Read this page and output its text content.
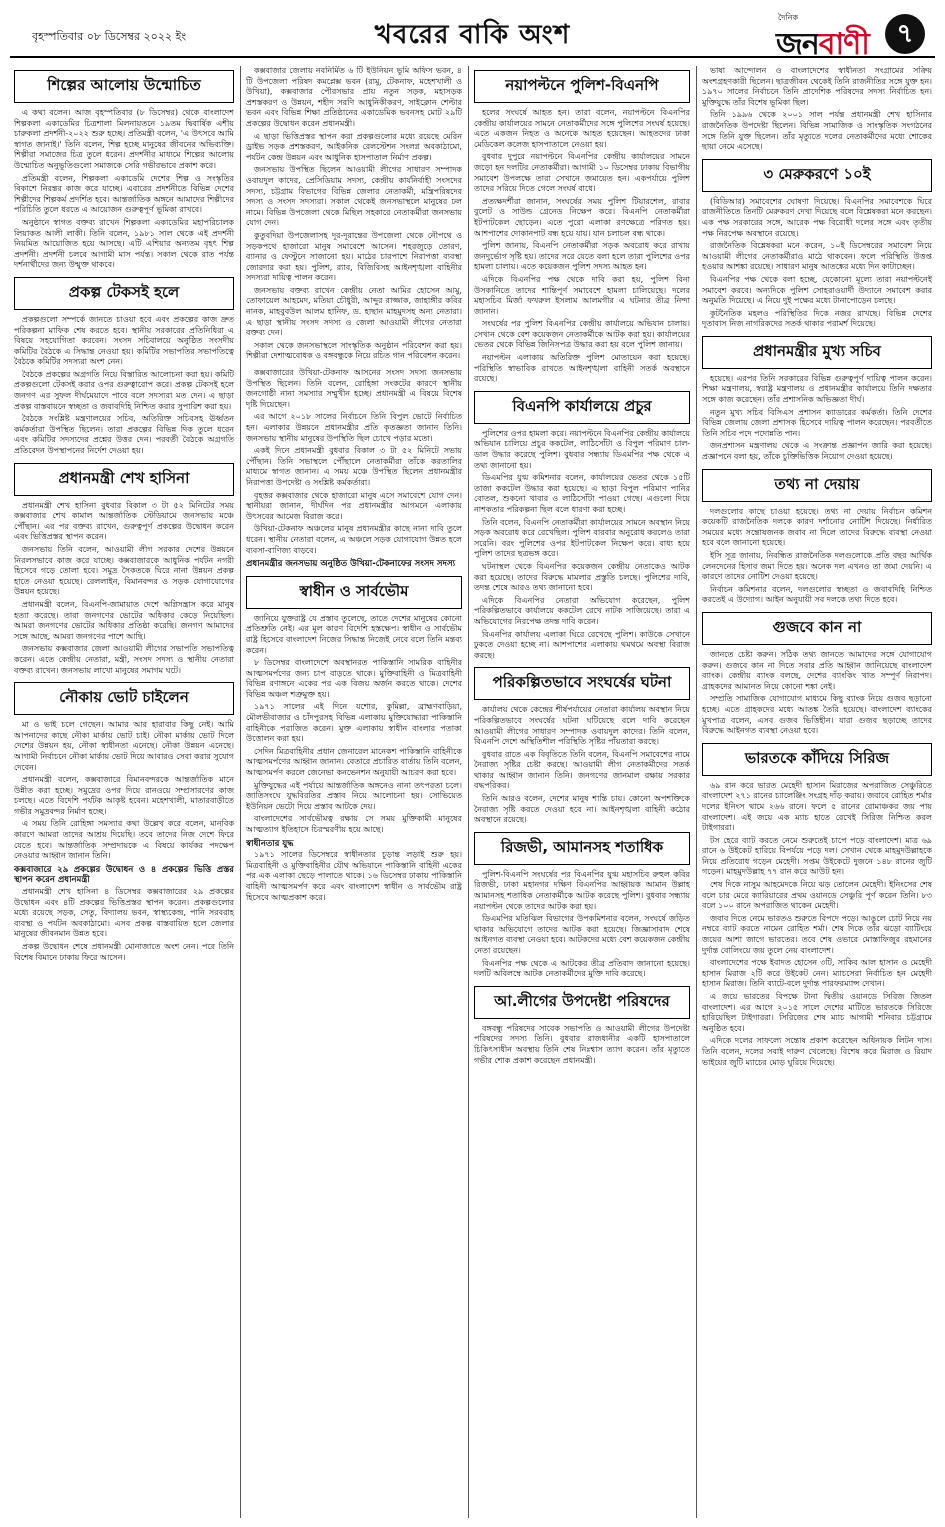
বৃহস্পতিবার ০৮ ডিসেম্বর ২০২২ ইং	খবরের বাকি অংশ
দৈনিক
জনবাণী	৭
শিল্পের আলোয় উন্মোচিত

এ কথা বলেন। আজ বৃহস্পতিবার (৮ ডিসেম্বর) থেকে বাংলাদেশ শিল্পকলা একাডেমির চিত্রশালা মিলনায়তনে ১৯তম দ্বিবার্ষিক এশীয় চারুকলা প্রদর্শনী-২০২২ শুরু হচ্ছে। প্রতিমন্ত্রী বলেন, 'এ উৎসবে আমি স্বাগত জানাই।' তিনি বলেন, শিল্প হচ্ছে মানুষের জীবনের অভিব্যক্তি। শিল্পীরা সমাজের চিত্র তুলে ধরেন। প্রদর্শনীর মাধ্যমে শিল্পের আলোয় উন্মোচিত অনুভূতিগুলো সমাজকে সেরি গভীরভাবে প্রকাশ করে।

প্রতিমন্ত্রী বলেন, শিল্পকলা একাডেমি দেশের শিল্প ও সংস্কৃতির বিকাশে নিরন্তর কাজ করে যাচ্ছে। এবারের প্রদর্শনীতে বিভিন্ন দেশের শিল্পীদের শিল্পকর্ম প্রদর্শিত হবে। আন্তর্জাতিক অঙ্গনে আমাদের শিল্পীদের পরিচিতি তুলে ধরতে এ আয়োজন গুরুত্বপূর্ণ ভূমিকা রাখবে।

অনুষ্ঠানে স্বাগত বক্তব্য রাখেন শিল্পকলা একাডেমির মহাপরিচালক লিয়াকত আলী লাকী। তিনি বলেন, ১৯৮১ সাল থেকে এই প্রদর্শনী নিয়মিত আয়োজিত হয়ে আসছে। এটি এশিয়ার অন্যতম বৃহৎ শিল্প প্রদর্শনী। প্রদর্শনী চলবে আগামী মাস পর্যন্ত। সকাল থেকে রাত পর্যন্ত দর্শনার্থীদের জন্য উন্মুক্ত থাকবে।

প্রকল্প টেকসই হলে

প্রকল্পগুলো সম্পর্কে জানতে চাওয়া হবে এবং প্রকল্পের কাজ দ্রুত পরিকল্পনা মাফিক শেষ করতে হবে। স্থানীয় সরকারের প্রতিনিধিরা এ বিষয়ে সহযোগিতা করবেন। সংসদ সচিবালয়ে অনুষ্ঠিত সংসদীয় কমিটির বৈঠকে এ সিদ্ধান্ত নেওয়া হয়। কমিটির সভাপতির সভাপতিত্বে বৈঠকে কমিটির সদস্যরা অংশ নেন।

বৈঠকে প্রকল্পের অগ্রগতি নিয়ে বিস্তারিত আলোচনা করা হয়। কমিটি প্রকল্পগুলো টেকসই করার ওপর গুরুত্বারোপ করে। প্রকল্প টেকসই হলে জনগণ এর সুফল দীর্ঘমেয়াদে পাবে বলে সদস্যরা মত দেন। এ ছাড়া প্রকল্প বাস্তবায়নে স্বচ্ছতা ও জবাবদিহি নিশ্চিত করার সুপারিশ করা হয়।

বৈঠকে সংশ্লিষ্ট মন্ত্রণালয়ের সচিব, অতিরিক্ত সচিবসহ ঊর্ধ্বতন কর্মকর্তারা উপস্থিত ছিলেন। তারা প্রকল্পের বিভিন্ন দিক তুলে ধরেন এবং কমিটির সদস্যদের প্রশ্নের উত্তর দেন। পরবর্তী বৈঠকে অগ্রগতি প্রতিবেদন উপস্থাপনের নির্দেশ দেওয়া হয়।

প্রধানমন্ত্রী শেখ হাসিনা

প্রধানমন্ত্রী শেখ হাসিনা বুধবার বিকাল ৩ টা ৫২ মিনিটের সময় কক্সবাজার শেখ কামাল আন্তর্জাতিক স্টেডিয়ামে জনসভায় মঞ্চে পৌঁছান। এর পর বক্তব্য রাখেন, গুরুত্বপূর্ণ প্রকল্পের উদ্বোধন করেন এবং ভিত্তিপ্রস্তর স্থাপন করেন।

জনসভায় তিনি বলেন, আওয়ামী লীগ সরকার দেশের উন্নয়নে নিরলসভাবে কাজ করে যাচ্ছে। কক্সবাজারকে আধুনিক পর্যটন নগরী হিসেবে গড়ে তোলা হবে। সমুদ্র সৈকতকে ঘিরে নানা উন্নয়ন প্রকল্প হাতে নেওয়া হয়েছে। রেললাইন, বিমানবন্দর ও সড়ক যোগাযোগের উন্নয়ন হয়েছে।

প্রধানমন্ত্রী বলেন, বিএনপি-জামায়াত দেশে অগ্নিসন্ত্রাস করে মানুষ হত্যা করেছে। তারা জনগণের ভোটের অধিকার কেড়ে নিয়েছিল। আমরা জনগণের ভোটের অধিকার প্রতিষ্ঠা করেছি। জনগণ আমাদের সঙ্গে আছে, আমরা জনগণের পাশে আছি।

জনসভায় কক্সবাজার জেলা আওয়ামী লীগের সভাপতি সভাপতিত্ব করেন। এতে কেন্দ্রীয় নেতারা, মন্ত্রী, সংসদ সদস্য ও স্থানীয় নেতারা বক্তব্য রাখেন। জনসভায় লাখো মানুষের সমাগম ঘটে।

নৌকায় ভোট চাইলেন

মা ও ভাই চলে গেছেন। আমার আর হারাবার কিছু নেই। আমি আপনাদের কাছে নৌকা মার্কায় ভোট চাই। নৌকা মার্কায় ভোট দিলে দেশের উন্নয়ন হয়, নৌকা স্বাধীনতা এনেছে। নৌকা উন্নয়ন এনেছে। আগামী নির্বাচনে নৌকা মার্কায় ভোট দিয়ে আবারও সেবা করার সুযোগ দেবেন।

প্রধানমন্ত্রী বলেন, কক্সবাজারে বিমানবন্দরকে আন্তর্জাতিক মানে উন্নীত করা হচ্ছে। সমুদ্রের ওপর দিয়ে রানওয়ে সম্প্রসারণের কাজ চলছে। এতে বিদেশি পর্যটক আকৃষ্ট হবেন। মহেশখালী, মাতারবাড়ীতে গভীর সমুদ্রবন্দর নির্মাণ হচ্ছে।

এ সময় তিনি রোহিঙ্গা সমস্যার কথা উল্লেখ করে বলেন, মানবিক কারণে আমরা তাদের আশ্রয় দিয়েছি। তবে তাদের নিজ দেশে ফিরে যেতে হবে। আন্তর্জাতিক সম্প্রদায়কে এ বিষয়ে কার্যকর পদক্ষেপ নেওয়ার আহ্বান জানান তিনি।

কক্সবাজারে ২৯ প্রকল্পের উদ্বোধন ও ৪ প্রকল্পের ভিত্তি প্রস্তর স্থাপন করেন প্রধানমন্ত্রী

প্রধানমন্ত্রী শেখ হাসিনা ৪ ডিসেম্বর কক্সবাজারের ২৯ প্রকল্পের উদ্বোধন এবং ৪টি প্রকল্পের ভিত্তিপ্রস্তর স্থাপন করেন। প্রকল্পগুলোর মধ্যে রয়েছে সড়ক, সেতু, বিদ্যালয় ভবন, স্বাস্থ্যকেন্দ্র, পানি সরবরাহ ব্যবস্থা ও পর্যটন অবকাঠামো। এসব প্রকল্প বাস্তবায়িত হলে জেলার মানুষের জীবনমান উন্নত হবে।

প্রকল্প উদ্বোধন শেষে প্রধানমন্ত্রী মোনাজাতে অংশ নেন। পরে তিনি বিশেষ বিমানে ঢাকায় ফিরে আসেন।

কক্সবাজার জেলায় নবনির্মিত ৬ টি ইউনিয়ন ভূমি অফিস ভবন, ৪ টি উপজেলা পরিষদ কমপ্লেক্স ভবন (রামু, টেকনাফ, মহেশখালী ও উখিয়া), কক্সবাজার পৌরসভার প্রায় নতুন সড়ক, মহাসড়ক প্রশস্তকরণ ও উন্নয়ন, শহীদ সরণি আধুনিকীকরণ, সাইক্লোন শেল্টার ভবন এবং বিভিন্ন শিক্ষা প্রতিষ্ঠানের একাডেমিক ভবনসহ মোট ২৯টি প্রকল্পের উদ্বোধন করেন প্রধানমন্ত্রী।

এ ছাড়া ভিত্তিপ্রস্তর স্থাপন করা প্রকল্পগুলোর মধ্যে রয়েছে মেরিন ড্রাইভ সড়ক প্রশস্তকরণ, আইকনিক রেলস্টেশন সংলগ্ন অবকাঠামো, পর্যটন কেন্দ্র উন্নয়ন এবং আধুনিক হাসপাতাল নির্মাণ প্রকল্প।

জনসভায় উপস্থিত ছিলেন আওয়ামী লীগের সাধারণ সম্পাদক ওবায়দুল কাদের, প্রেসিডিয়াম সদস্য, কেন্দ্রীয় কার্যনির্বাহী সংসদের সদস্য, চট্টগ্রাম বিভাগের বিভিন্ন জেলার নেতাকর্মী, মন্ত্রিপরিষদের সদস্য ও সংসদ সদস্যরা। সকাল থেকেই জনসভাস্থলে মানুষের ঢল নামে। বিভিন্ন উপজেলা থেকে মিছিল সহকারে নেতাকর্মীরা জনসভায় যোগ দেন।

কুতুবদিয়া উপজেলাসহ দূর-দূরান্তের উপজেলা থেকে নৌপথে ও সড়কপথে হাজারো মানুষ সমাবেশে আসেন। শহরজুড়ে তোরণ, ব্যানার ও ফেস্টুনে সাজানো হয়। মাঠের চারপাশে নিরাপত্তা ব্যবস্থা জোরদার করা হয়। পুলিশ, র‌্যাব, বিজিবিসহ আইনশৃঙ্খলা বাহিনীর সদস্যরা দায়িত্ব পালন করেন।

জনসভায় বক্তব্য রাখেন কেন্দ্রীয় নেতা আমির হোসেন আমু, তোফায়েল আহমেদ, মতিয়া চৌধুরী, আব্দুর রাজ্জাক, জাহাঙ্গীর কবির নানক, মাহবুবউল আলম হানিফ, ড. হাছান মাহমুদসহ অন্য নেতারা। এ ছাড়া স্থানীয় সংসদ সদস্য ও জেলা আওয়ামী লীগের নেতারা বক্তব্য দেন।

সকাল থেকে জনসভাস্থলে সাংস্কৃতিক অনুষ্ঠান পরিবেশন করা হয়। শিল্পীরা দেশাত্মবোধক ও বঙ্গবন্ধুকে নিয়ে রচিত গান পরিবেশন করেন।

কক্সবাজারের উখিয়া-টেকনাফ আসনের সংসদ সদস্য জনসভায় উপস্থিত ছিলেন। তিনি বলেন, রোহিঙ্গা সংকটের কারণে স্থানীয় জনগোষ্ঠী নানা সমস্যার সম্মুখীন হচ্ছে। প্রধানমন্ত্রী এ বিষয়ে বিশেষ দৃষ্টি দিয়েছেন।

এর আগে ২০১৮ সালের নির্বাচনে তিনি বিপুল ভোটে নির্বাচিত হন। এলাকার উন্নয়নে প্রধানমন্ত্রীর প্রতি কৃতজ্ঞতা জানান তিনি। জনসভায় স্থানীয় মানুষের উপস্থিতি ছিল চোখে পড়ার মতো।

একই দিনে প্রধানমন্ত্রী বুধবার বিকাল ৩ টা ৫২ মিনিটে সভায় পৌঁছান। তিনি সভাস্থলে পৌঁছালে নেতাকর্মীরা তাঁকে করতালির মাধ্যমে স্বাগত জানান। এ সময় মঞ্চে উপস্থিত ছিলেন প্রধানমন্ত্রীর নিরাপত্তা উপদেষ্টা ও সংশ্লিষ্ট কর্মকর্তারা।

বৃহত্তর কক্সবাজার থেকে হাজারো মানুষ এসে সমাবেশে যোগ দেন। স্থানীয়রা জানান, দীর্ঘদিন পর প্রধানমন্ত্রীর আগমনে এলাকায় উৎসবের আমেজ বিরাজ করে।

উখিয়া-টেকনাফ অঞ্চলের মানুষ প্রধানমন্ত্রীর কাছে নানা দাবি তুলে ধরেন। স্থানীয় নেতারা বলেন, এ অঞ্চলে সড়ক যোগাযোগ উন্নত হলে ব্যবসা-বাণিজ্য বাড়বে।

প্রধানমন্ত্রীর জনসভায় অনুষ্ঠিত উখিয়া-টেকনাফের সংসদ সদস্য
স্বাধীন ও সার্বভৌম

জানিয়ে যুক্তরাষ্ট্র যে প্রস্তাব তুলেছে, তাতে দেশের মানুষের কোনো প্রতিশ্রুতি নেই। এর মূল কারণ বিদেশি হস্তক্ষেপ। স্বাধীন ও সার্বভৌম রাষ্ট্র হিসেবে বাংলাদেশ নিজের সিদ্ধান্ত নিজেই নেবে বলে তিনি মন্তব্য করেন।

৮ ডিসেম্বর বাংলাদেশে অবস্থানরত পাকিস্তানি সামরিক বাহিনীর আত্মসমর্পণের জন্য চাপ বাড়তে থাকে। মুক্তিবাহিনী ও মিত্রবাহিনী বিভিন্ন রণাঙ্গনে একের পর এক বিজয় অর্জন করতে থাকে। দেশের বিভিন্ন অঞ্চল শত্রুমুক্ত হয়।

১৯৭১ সালের এই দিনে যশোর, কুমিল্লা, ব্রাহ্মণবাড়িয়া, মৌলভীবাজার ও চাঁদপুরসহ বিভিন্ন এলাকায় মুক্তিযোদ্ধারা পাকিস্তানি বাহিনীকে পরাজিত করেন। মুক্ত এলাকায় স্বাধীন বাংলার পতাকা উত্তোলন করা হয়।

সেদিন মিত্রবাহিনীর প্রধান জেনারেল মানেকশ পাকিস্তানি বাহিনীকে আত্মসমর্পণের আহ্বান জানান। বেতারে প্রচারিত বার্তায় তিনি বলেন, আত্মসমর্পণ করলে জেনেভা কনভেনশন অনুযায়ী আচরণ করা হবে।

মুক্তিযুদ্ধের এই পর্যায়ে আন্তর্জাতিক অঙ্গনেও নানা তৎপরতা চলে। জাতিসংঘে যুদ্ধবিরতির প্রস্তাব নিয়ে আলোচনা হয়। সোভিয়েত ইউনিয়ন ভেটো দিয়ে প্রস্তাব আটকে দেয়।

বাংলাদেশের সার্বভৌমত্ব রক্ষায় সে সময় মুক্তিকামী মানুষের আত্মত্যাগ ইতিহাসে চিরস্মরণীয় হয়ে আছে।

স্বাধীনতার যুদ্ধ

১৯৭১ সালের ডিসেম্বরে স্বাধীনতার চূড়ান্ত লড়াই শুরু হয়। মিত্রবাহিনী ও মুক্তিবাহিনীর যৌথ অভিযানে পাকিস্তানি বাহিনী একের পর এক এলাকা ছেড়ে পালাতে থাকে। ১৬ ডিসেম্বর ঢাকায় পাকিস্তানি বাহিনী আত্মসমর্পণ করে এবং বাংলাদেশ স্বাধীন ও সার্বভৌম রাষ্ট্র হিসেবে আত্মপ্রকাশ করে।

নয়াপল্টনে পুলিশ-বিএনপি

হলের সংঘর্ষে আহত হন। তারা বলেন, নয়াপল্টনে বিএনপির কেন্দ্রীয় কার্যালয়ের সামনে নেতাকর্মীদের সঙ্গে পুলিশের সংঘর্ষ হয়েছে। এতে একজন নিহত ও অনেকে আহত হয়েছেন। আহতদের ঢাকা মেডিকেল কলেজ হাসপাতালে নেওয়া হয়।

বুধবার দুপুরে নয়াপল্টনে বিএনপির কেন্দ্রীয় কার্যালয়ের সামনে জড়ো হন দলটির নেতাকর্মীরা। আগামী ১০ ডিসেম্বর ঢাকায় বিভাগীয় সমাবেশ উপলক্ষে তারা সেখানে জমায়েত হন। একপর্যায়ে পুলিশ তাদের সরিয়ে দিতে গেলে সংঘর্ষ বাধে।

প্রত্যক্ষদর্শীরা জানান, সংঘর্ষের সময় পুলিশ টিয়ারশেল, রাবার বুলেট ও সাউন্ড গ্রেনেড নিক্ষেপ করে। বিএনপি নেতাকর্মীরা ইটপাটকেল ছোড়েন। এতে পুরো এলাকা রণক্ষেত্রে পরিণত হয়। আশপাশের দোকানপাট বন্ধ হয়ে যায়। যান চলাচল বন্ধ থাকে।

পুলিশ জানায়, বিএনপি নেতাকর্মীরা সড়ক অবরোধ করে রাখায় জনদুর্ভোগ সৃষ্টি হয়। তাদের সরে যেতে বলা হলে তারা পুলিশের ওপর হামলা চালায়। এতে কয়েকজন পুলিশ সদস্য আহত হন।

এদিকে বিএনপির পক্ষ থেকে দাবি করা হয়, পুলিশ বিনা উসকানিতে তাদের শান্তিপূর্ণ সমাবেশে হামলা চালিয়েছে। দলের মহাসচিব মির্জা ফখরুল ইসলাম আলমগীর এ ঘটনার তীব্র নিন্দা জানান।

সংঘর্ষের পর পুলিশ বিএনপির কেন্দ্রীয় কার্যালয়ে অভিযান চালায়। সেখান থেকে বেশ কয়েকজন নেতাকর্মীকে আটক করা হয়। কার্যালয়ের ভেতর থেকে বিভিন্ন জিনিসপত্র উদ্ধার করা হয় বলে পুলিশ জানায়।

নয়াপল্টন এলাকায় অতিরিক্ত পুলিশ মোতায়েন করা হয়েছে। পরিস্থিতি স্বাভাবিক রাখতে আইনশৃঙ্খলা বাহিনী সতর্ক অবস্থানে রয়েছে।

বিএনপি কার্যালয়ে প্রচুর

পুলিশের ওপর হামলা করে। নয়াপল্টনে বিএনপির কেন্দ্রীয় কার্যালয়ে অভিযান চালিয়ে প্রচুর ককটেল, লাঠিসোঁটা ও বিপুল পরিমাণ চাল-ডাল উদ্ধার করেছে পুলিশ। বুধবার সন্ধ্যায় ডিএমপির পক্ষ থেকে এ তথ্য জানানো হয়।

ডিএমপির যুগ্ম কমিশনার বলেন, কার্যালয়ের ভেতর থেকে ১৫টি তাজা ককটেল উদ্ধার করা হয়েছে। এ ছাড়া বিপুল পরিমাণ পানির বোতল, শুকনো খাবার ও লাঠিসোঁটা পাওয়া গেছে। এগুলো দিয়ে নাশকতার পরিকল্পনা ছিল বলে ধারণা করা হচ্ছে।

তিনি বলেন, বিএনপি নেতাকর্মীরা কার্যালয়ের সামনে অবস্থান নিয়ে সড়ক অবরোধ করে রেখেছিল। পুলিশ বারবার অনুরোধ করলেও তারা সরেনি। বরং পুলিশের ওপর ইটপাটকেল নিক্ষেপ করে। বাধ্য হয়ে পুলিশ তাদের ছত্রভঙ্গ করে।

ঘটনাস্থল থেকে বিএনপির কয়েকজন কেন্দ্রীয় নেতাকেও আটক করা হয়েছে। তাদের বিরুদ্ধে মামলার প্রস্তুতি চলছে। পুলিশের দাবি, তদন্ত শেষে আরও তথ্য জানানো হবে।

এদিকে বিএনপির নেতারা অভিযোগ করেছেন, পুলিশ পরিকল্পিতভাবে কার্যালয়ে ককটেল রেখে নাটক সাজিয়েছে। তারা এ অভিযোগের নিরপেক্ষ তদন্ত দাবি করেন।

বিএনপির কার্যালয় এলাকা ঘিরে রেখেছে পুলিশ। কাউকে সেখানে ঢুকতে দেওয়া হচ্ছে না। আশপাশের এলাকায় থমথমে অবস্থা বিরাজ করছে।

পরিকল্পিতভাবে সংঘর্ষের ঘটনা

কার্যালয় থেকে কেন্দ্রের শীর্ষপর্যায়ের নেতারা কার্যালয় অবস্থান নিয়ে পরিকল্পিতভাবে সংঘর্ষের ঘটনা ঘটিয়েছে বলে দাবি করেছেন আওয়ামী লীগের সাধারণ সম্পাদক ওবায়দুল কাদের। তিনি বলেন, বিএনপি দেশে অস্থিতিশীল পরিস্থিতি সৃষ্টির পাঁয়তারা করছে।

বুধবার রাতে এক বিবৃতিতে তিনি বলেন, বিএনপি সমাবেশের নামে নৈরাজ্য সৃষ্টির চেষ্টা করছে। আওয়ামী লীগ নেতাকর্মীদের সতর্ক থাকার আহ্বান জানান তিনি। জনগণের জানমাল রক্ষায় সরকার বদ্ধপরিকর।

তিনি আরও বলেন, দেশের মানুষ শান্তি চায়। কোনো অপশক্তিকে নৈরাজ্য সৃষ্টি করতে দেওয়া হবে না। আইনশৃঙ্খলা বাহিনী কঠোর অবস্থানে রয়েছে।

রিজভী, আমানসহ শতাধিক

পুলিশ-বিএনপি সংঘর্ষের পর বিএনপির যুগ্ম মহাসচিব রুহুল কবির রিজভী, ঢাকা মহানগর দক্ষিণ বিএনপির আহ্বায়ক আমান উল্লাহ আমানসহ শতাধিক নেতাকর্মীকে আটক করেছে পুলিশ। বুধবার সন্ধ্যায় নয়াপল্টন থেকে তাদের আটক করা হয়।

ডিএমপির মতিঝিল বিভাগের উপকমিশনার বলেন, সংঘর্ষে জড়িত থাকার অভিযোগে তাদের আটক করা হয়েছে। জিজ্ঞাসাবাদ শেষে আইনগত ব্যবস্থা নেওয়া হবে। আটকদের মধ্যে বেশ কয়েকজন কেন্দ্রীয় নেতা রয়েছেন।

বিএনপির পক্ষ থেকে এ আটকের তীব্র প্রতিবাদ জানানো হয়েছে। দলটি অবিলম্বে আটক নেতাকর্মীদের মুক্তি দাবি করেছে।

আ.লীগের উপদেষ্টা পরিষদের

বঙ্গবন্ধু পরিষদের সাবেক সভাপতি ও আওয়ামী লীগের উপদেষ্টা পরিষদের সদস্য তিনি। বুধবার রাজধানীর একটি হাসপাতালে চিকিৎসাধীন অবস্থায় তিনি শেষ নিঃশ্বাস ত্যাগ করেন। তাঁর মৃত্যুতে গভীর শোক প্রকাশ করেছেন প্রধানমন্ত্রী।

ভাষা আন্দোলন ও বাংলাদেশের স্বাধীনতা সংগ্রামের সক্রিয় অংশগ্রহণকারী ছিলেন। ছাত্রজীবন থেকেই তিনি রাজনীতির সঙ্গে যুক্ত হন। ১৯৭০ সালের নির্বাচনে তিনি প্রাদেশিক পরিষদের সদস্য নির্বাচিত হন। মুক্তিযুদ্ধে তাঁর বিশেষ ভূমিকা ছিল।

তিনি ১৯৯৬ থেকে ২০০১ সাল পর্যন্ত প্রধানমন্ত্রী শেখ হাসিনার রাজনৈতিক উপদেষ্টা ছিলেন। বিভিন্ন সামাজিক ও সাংস্কৃতিক সংগঠনের সঙ্গে তিনি যুক্ত ছিলেন। তাঁর মৃত্যুতে দলের নেতাকর্মীদের মধ্যে শোকের ছায়া নেমে এসেছে।

৩ মেরুকরণে ১০ই

(বিডিআর) সমাবেশের ঘোষণা দিয়েছে। বিএনপির সমাবেশকে ঘিরে রাজনীতিতে তিনটি মেরুকরণ দেখা দিয়েছে বলে বিশ্লেষকরা মনে করছেন। এক পক্ষ সরকারের সঙ্গে, আরেক পক্ষ বিরোধী দলের সঙ্গে এবং তৃতীয় পক্ষ নিরপেক্ষ অবস্থানে রয়েছে।

রাজনৈতিক বিশ্লেষকরা মনে করেন, ১০ই ডিসেম্বরের সমাবেশ নিয়ে আওয়ামী লীগের নেতাকর্মীরাও মাঠে থাকবেন। ফলে পরিস্থিতি উত্তপ্ত হওয়ার আশঙ্কা রয়েছে। সাধারণ মানুষ আতঙ্কের মধ্যে দিন কাটাচ্ছেন।

বিএনপির পক্ষ থেকে বলা হচ্ছে, যেকোনো মূল্যে তারা নয়াপল্টনেই সমাবেশ করবে। অন্যদিকে পুলিশ সোহরাওয়ার্দী উদ্যানে সমাবেশ করার অনুমতি দিয়েছে। এ নিয়ে দুই পক্ষের মধ্যে টানাপোড়েন চলছে।

কূটনৈতিক মহলও পরিস্থিতির দিকে নজর রাখছে। বিভিন্ন দেশের দূতাবাস নিজ নাগরিকদের সতর্ক থাকার পরামর্শ দিয়েছে।

প্রধানমন্ত্রীর মুখ্য সচিব

হয়েছে। এরপর তিনি সরকারের বিভিন্ন গুরুত্বপূর্ণ দায়িত্ব পালন করেন। শিক্ষা মন্ত্রণালয়, স্বরাষ্ট্র মন্ত্রণালয় ও প্রধানমন্ত্রীর কার্যালয়ে তিনি দক্ষতার সঙ্গে কাজ করেছেন। তাঁর প্রশাসনিক অভিজ্ঞতা দীর্ঘ।

নতুন মুখ্য সচিব বিসিএস প্রশাসন ক্যাডারের কর্মকর্তা। তিনি দেশের বিভিন্ন জেলায় জেলা প্রশাসক হিসেবে দায়িত্ব পালন করেছেন। পরবর্তীতে তিনি সচিব পদে পদোন্নতি পান।

জনপ্রশাসন মন্ত্রণালয় থেকে এ সংক্রান্ত প্রজ্ঞাপন জারি করা হয়েছে। প্রজ্ঞাপনে বলা হয়, তাঁকে চুক্তিভিত্তিক নিয়োগ দেওয়া হয়েছে।

তথ্য না দেয়ায়

দলগুলোর কাছে চাওয়া হয়েছে। তথ্য না দেয়ায় নির্বাচন কমিশন কয়েকটি রাজনৈতিক দলকে কারণ দর্শানোর নোটিশ দিয়েছে। নির্ধারিত সময়ের মধ্যে সন্তোষজনক জবাব না দিলে তাদের বিরুদ্ধে ব্যবস্থা নেওয়া হবে বলে জানানো হয়েছে।

ইসি সূত্র জানায়, নিবন্ধিত রাজনৈতিক দলগুলোকে প্রতি বছর আর্থিক লেনদেনের হিসাব জমা দিতে হয়। অনেক দল এখনও তা জমা দেয়নি। এ কারণে তাদের নোটিশ দেওয়া হয়েছে।

নির্বাচন কমিশনার বলেন, দলগুলোর স্বচ্ছতা ও জবাবদিহি নিশ্চিত করতেই এ উদ্যোগ। আইন অনুযায়ী সব দলকে তথ্য দিতে হবে।

গুজবে কান না

জানতে চেষ্টা করুন। সঠিক তথ্য জানতে আমাদের সঙ্গে যোগাযোগ করুন। গুজবে কান না দিতে সবার প্রতি আহ্বান জানিয়েছে বাংলাদেশ ব্যাংক। কেন্দ্রীয় ব্যাংক বলছে, দেশের ব্যাংকিং খাত সম্পূর্ণ নিরাপদ। গ্রাহকদের আমানত নিয়ে কোনো শঙ্কা নেই।

সম্প্রতি সামাজিক যোগাযোগ মাধ্যমে কিছু ব্যাংক নিয়ে গুজব ছড়ানো হচ্ছে। এতে গ্রাহকদের মধ্যে আতঙ্ক তৈরি হয়েছে। বাংলাদেশ ব্যাংকের মুখপাত্র বলেন, এসব গুজব ভিত্তিহীন। যারা গুজব ছড়াচ্ছে তাদের বিরুদ্ধে আইনগত ব্যবস্থা নেওয়া হবে।

ভারতকে কাঁদিয়ে সিরিজ

৬৯ রান করে ভারত মেহেদী হাসান মিরাজের অপরাজিত সেঞ্চুরিতে বাংলাদেশ ২৭১ রানের চ্যালেঞ্জিং সংগ্রহ দাঁড় করায়। জবাবে রোহিত শর্মার দলের ইনিংস থামে ২৬৬ রানে। ফলে ৫ রানের রোমাঞ্চকর জয় পায় বাংলাদেশ। এই জয়ে এক ম্যাচ হাতে রেখেই সিরিজ নিশ্চিত করল টাইগাররা।

টস হেরে ব্যাট করতে নেমে শুরুতেই চাপে পড়ে বাংলাদেশ। মাত্র ৬৯ রানে ৬ উইকেট হারিয়ে বিপর্যয়ে পড়ে দল। সেখান থেকে মাহমুদউল্লাহকে নিয়ে প্রতিরোধ গড়েন মেহেদী। সপ্তম উইকেটে দুজনে ১৪৮ রানের জুটি গড়েন। মাহমুদউল্লাহ ৭৭ রান করে আউট হন।

শেষ দিকে নাসুম আহমেদকে নিয়ে ঝড় তোলেন মেহেদী। ইনিংসের শেষ বলে চার মেরে ক্যারিয়ারের প্রথম ওয়ানডে সেঞ্চুরি পূর্ণ করেন তিনি। ৮৩ বলে ১০০ রানে অপরাজিত থাকেন মেহেদী।

জবাব দিতে নেমে ভারতও শুরুতে বিপদে পড়ে। আঙুলে চোট নিয়ে নয় নম্বরে ব্যাট করতে নামেন রোহিত শর্মা। শেষ দিকে তাঁর ঝড়ো ব্যাটিংয়ে জয়ের আশা জাগে ভারতের। তবে শেষ ওভারে মোস্তাফিজুর রহমানের দুর্দান্ত বোলিংয়ে জয় তুলে নেয় বাংলাদেশ।

বাংলাদেশের পক্ষে ইবাদত হোসেন ৩টি, সাকিব আল হাসান ও মেহেদী হাসান মিরাজ ২টি করে উইকেট নেন। ম্যাচসেরা নির্বাচিত হন মেহেদী হাসান মিরাজ। তিনি ব্যাটে-বলে দুর্দান্ত পারফরম্যান্স দেখান।

এ জয়ে ভারতের বিপক্ষে টানা দ্বিতীয় ওয়ানডে সিরিজ জিতল বাংলাদেশ। এর আগে ২০১৫ সালে দেশের মাটিতে ভারতকে সিরিজে হারিয়েছিল টাইগাররা। সিরিজের শেষ ম্যাচ আগামী শনিবার চট্টগ্রামে অনুষ্ঠিত হবে।

এদিকে দলের সাফল্যে সন্তোষ প্রকাশ করেছেন অধিনায়ক লিটন দাস। তিনি বলেন, দলের সবাই দারুণ খেলেছে। বিশেষ করে মিরাজ ও রিয়াদ ভাইয়ের জুটি ম্যাচের মোড় ঘুরিয়ে দিয়েছে।
